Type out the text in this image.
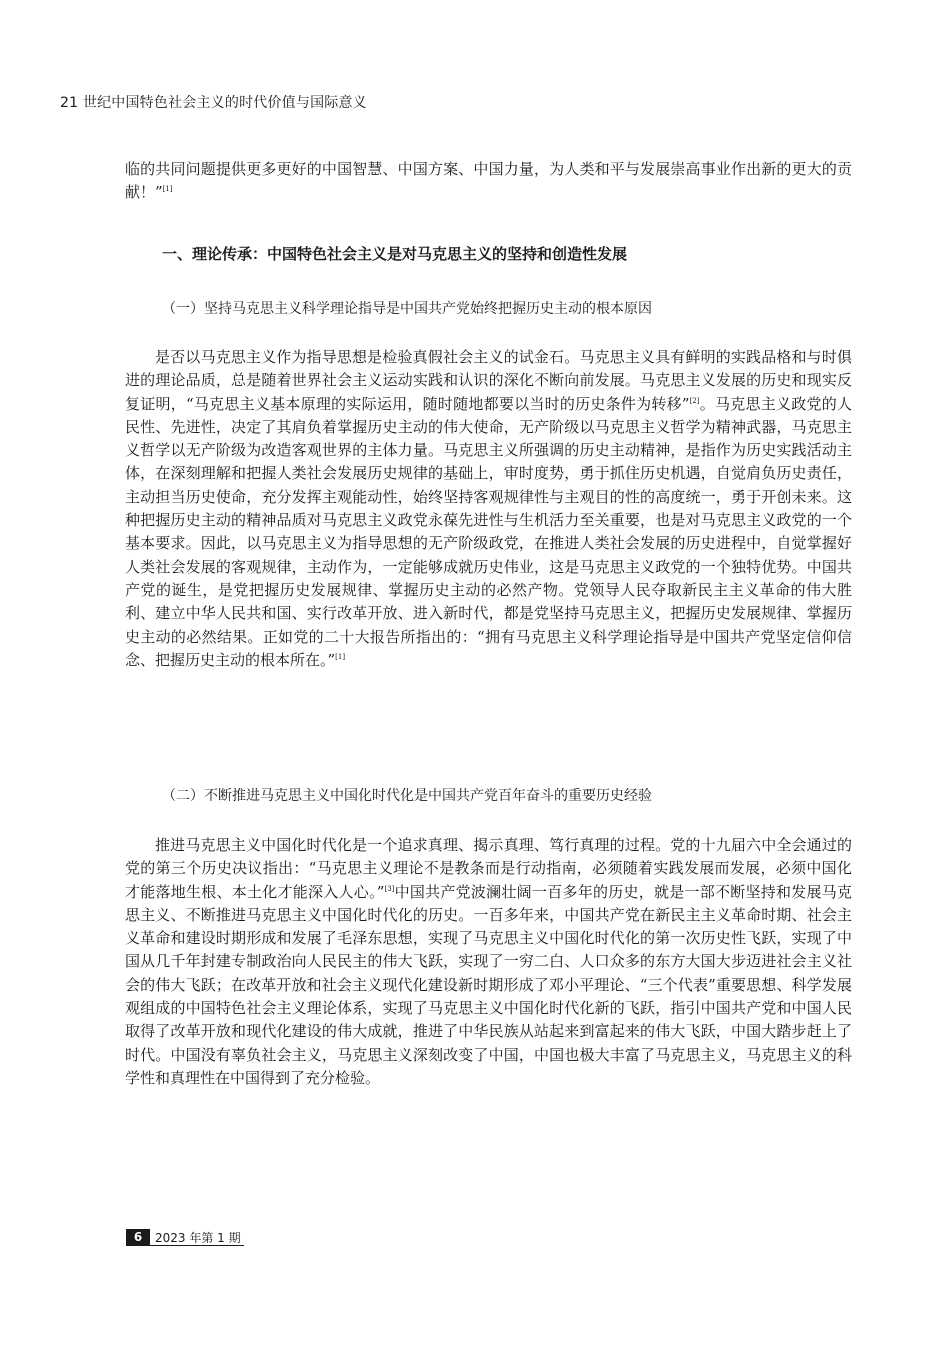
21 世纪中国特色社会主义的时代价值与国际意义

临的共同问题提供更多更好的中国智慧、中国方案、中国力量，为人类和平与发展崇高事业作出新的更大的贡献！”[1]

一、理论传承：中国特色社会主义是对马克思主义的坚持和创造性发展
（一）坚持马克思主义科学理论指导是中国共产党始终把握历史主动的根本原因

是否以马克思主义作为指导思想是检验真假社会主义的试金石。马克思主义具有鲜明的实践品格和与时俱进的理论品质，总是随着世界社会主义运动实践和认识的深化不断向前发展。马克思主义发展的历史和现实反复证明，“马克思主义基本原理的实际运用，随时随地都要以当时的历史条件为转移”[2]。马克思主义政党的人民性、先进性，决定了其肩负着掌握历史主动的伟大使命，无产阶级以马克思主义哲学为精神武器，马克思主义哲学以无产阶级为改造客观世界的主体力量。马克思主义所强调的历史主动精神，是指作为历史实践活动主体，在深刻理解和把握人类社会发展历史规律的基础上，审时度势，勇于抓住历史机遇，自觉肩负历史责任，主动担当历史使命，充分发挥主观能动性，始终坚持客观规律性与主观目的性的高度统一，勇于开创未来。这种把握历史主动的精神品质对马克思主义政党永葆先进性与生机活力至关重要，也是对马克思主义政党的一个基本要求。因此，以马克思主义为指导思想的无产阶级政党，在推进人类社会发展的历史进程中，自觉掌握好人类社会发展的客观规律，主动作为，一定能够成就历史伟业，这是马克思主义政党的一个独特优势。中国共产党的诞生，是党把握历史发展规律、掌握历史主动的必然产物。党领导人民夺取新民主主义革命的伟大胜利、建立中华人民共和国、实行改革开放、进入新时代，都是党坚持马克思主义，把握历史发展规律、掌握历史主动的必然结果。正如党的二十大报告所指出的：“拥有马克思主义科学理论指导是中国共产党坚定信仰信念、把握历史主动的根本所在。”[1]

（二）不断推进马克思主义中国化时代化是中国共产党百年奋斗的重要历史经验

推进马克思主义中国化时代化是一个追求真理、揭示真理、笃行真理的过程。党的十九届六中全会通过的党的第三个历史决议指出：“马克思主义理论不是教条而是行动指南，必须随着实践发展而发展，必须中国化才能落地生根、本土化才能深入人心。”[3]中国共产党波澜壮阔一百多年的历史，就是一部不断坚持和发展马克思主义、不断推进马克思主义中国化时代化的历史。一百多年来，中国共产党在新民主主义革命时期、社会主义革命和建设时期形成和发展了毛泽东思想，实现了马克思主义中国化时代化的第一次历史性飞跃，实现了中国从几千年封建专制政治向人民民主的伟大飞跃，实现了一穷二白、人口众多的东方大国大步迈进社会主义社会的伟大飞跃；在改革开放和社会主义现代化建设新时期形成了邓小平理论、“三个代表”重要思想、科学发展观组成的中国特色社会主义理论体系，实现了马克思主义中国化时代化新的飞跃，指引中国共产党和中国人民取得了改革开放和现代化建设的伟大成就，推进了中华民族从站起来到富起来的伟大飞跃，中国大踏步赶上了时代。中国没有辜负社会主义，马克思主义深刻改变了中国，中国也极大丰富了马克思主义，马克思主义的科学性和真理性在中国得到了充分检验。

6	2023 年第 1 期
